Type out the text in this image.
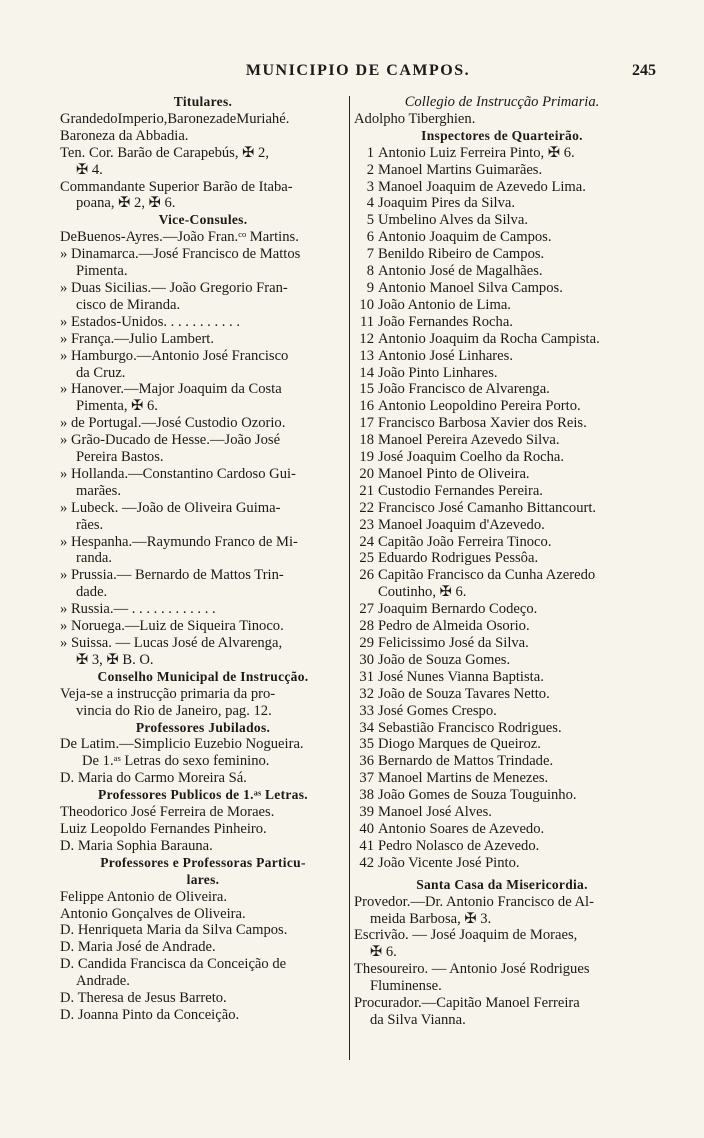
MUNICIPIO DE CAMPOS.	245
Titulares.
GrandedoImperio,BaronezadeMuriahé.
Baroneza da Abbadia.
Ten. Cor. Barão de Carapebús, ✠ 2,
✠ 4.
Commandante Superior Barão de Itaba-
poana, ✠ 2, ✠ 6.
Vice-Consules.
DeBuenos-Ayres.—João Fran.ᶜᵒ Martins.
» Dinamarca.—José Francisco de Mattos
Pimenta.
» Duas Sicilias.— João Gregorio Fran-
cisco de Miranda.
» Estados-Unidos. . . . . . . . . . .
» França.—Julio Lambert.
» Hamburgo.—Antonio José Francisco
da Cruz.
» Hanover.—Major Joaquim da Costa
Pimenta, ✠ 6.
» de Portugal.—José Custodio Ozorio.
» Grão-Ducado de Hesse.—João José
Pereira Bastos.
» Hollanda.—Constantino Cardoso Gui-
marães.
» Lubeck. —João de Oliveira Guima-
rães.
» Hespanha.—Raymundo Franco de Mi-
randa.
» Prussia.— Bernardo de Mattos Trin-
dade.
» Russia.— . . . . . . . . . . . .
» Noruega.—Luiz de Siqueira Tinoco.
» Suissa. — Lucas José de Alvarenga,
✠ 3, ✠ B. O.
Conselho Municipal de Instrucção.
Veja-se a instrucção primaria da pro-
vincia do Rio de Janeiro, pag. 12.
Professores Jubilados.
De Latim.—Simplicio Euzebio Nogueira.
De 1.ᵃˢ Letras do sexo feminino.
D. Maria do Carmo Moreira Sá.
Professores Publicos de 1.ᵃˢ Letras.
Theodorico José Ferreira de Moraes.
Luiz Leopoldo Fernandes Pinheiro.
D. Maria Sophia Barauna.
Professores e Professoras Particu-
lares.
Felippe Antonio de Oliveira.
Antonio Gonçalves de Oliveira.
D. Henriqueta Maria da Silva Campos.
D. Maria José de Andrade.
D. Candida Francisca da Conceição de
Andrade.
D. Theresa de Jesus Barreto.
D. Joanna Pinto da Conceição.
Collegio de Instrucção Primaria.
Adolpho Tiberghien.
Inspectores de Quarteirão.
1 Antonio Luiz Ferreira Pinto, ✠ 6.
2 Manoel Martins Guimarães.
3 Manoel Joaquim de Azevedo Lima.
4 Joaquim Pires da Silva.
5 Umbelino Alves da Silva.
6 Antonio Joaquim de Campos.
7 Benildo Ribeiro de Campos.
8 Antonio José de Magalhães.
9 Antonio Manoel Silva Campos.
10 João Antonio de Lima.
11 João Fernandes Rocha.
12 Antonio Joaquim da Rocha Campista.
13 Antonio José Linhares.
14 João Pinto Linhares.
15 João Francisco de Alvarenga.
16 Antonio Leopoldino Pereira Porto.
17 Francisco Barbosa Xavier dos Reis.
18 Manoel Pereira Azevedo Silva.
19 José Joaquim Coelho da Rocha.
20 Manoel Pinto de Oliveira.
21 Custodio Fernandes Pereira.
22 Francisco José Camanho Bittancourt.
23 Manoel Joaquim d'Azevedo.
24 Capitão João Ferreira Tinoco.
25 Eduardo Rodrigues Pessôa.
26 Capitão Francisco da Cunha Azeredo
Coutinho, ✠ 6.
27 Joaquim Bernardo Codeço.
28 Pedro de Almeida Osorio.
29 Felicissimo José da Silva.
30 João de Souza Gomes.
31 José Nunes Vianna Baptista.
32 João de Souza Tavares Netto.
33 José Gomes Crespo.
34 Sebastião Francisco Rodrigues.
35 Diogo Marques de Queiroz.
36 Bernardo de Mattos Trindade.
37 Manoel Martins de Menezes.
38 João Gomes de Souza Touguinho.
39 Manoel José Alves.
40 Antonio Soares de Azevedo.
41 Pedro Nolasco de Azevedo.
42 João Vicente José Pinto.
Santa Casa da Misericordia.
Provedor.—Dr. Antonio Francisco de Al-
meida Barbosa, ✠ 3.
Escrivão. — José Joaquim de Moraes,
✠ 6.
Thesoureiro. — Antonio José Rodrigues
Fluminense.
Procurador.—Capitão Manoel Ferreira
da Silva Vianna.
